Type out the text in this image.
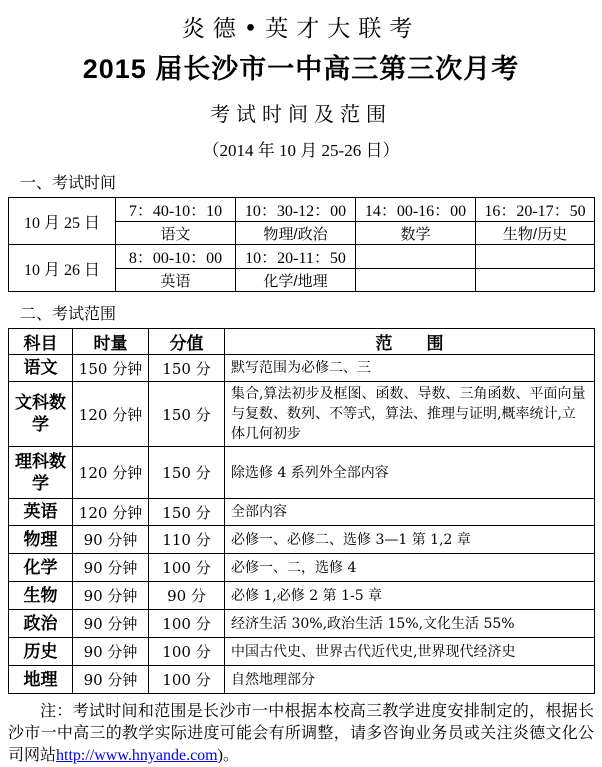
炎德•英才大联考
2015 届长沙市一中高三第三次月考
考试时间及范围
（2014 年 10 月 25-26 日）
一、考试时间
10 月 25 日	7：40-10：10	10：30-12：00	14：00-16：00	16：20-17：50
	语文	物理/政治	数学	生物/历史
10 月 26 日	8：00-10：00	10：20-11：50		
	英语	化学/地理		
二、考试范围
科目	时量	分值	范　　围
语文	150 分钟	150 分	默写范围为必修二、三
文科数学	120 分钟	150 分	集合,算法初步及框图、函数、导数、三角函数、平面向量与复数、数列、不等式，算法、推理与证明,概率统计,立体几何初步
理科数学	120 分钟	150 分	除选修 4 系列外全部内容
英语	120 分钟	150 分	全部内容
物理	90 分钟	110 分	必修一、必修二、选修 3—1 第 1,2 章
化学	90 分钟	100 分	必修一、二，选修 4
生物	90 分钟	90 分	必修 1,必修 2 第 1-5 章
政治	90 分钟	100 分	经济生活 30%,政治生活 15%,文化生活 55%
历史	90 分钟	100 分	中国古代史、世界古代近代史,世界现代经济史
地理	90 分钟	100 分	自然地理部分

注：考试时间和范围是长沙市一中根据本校高三教学进度安排制定的，根据长沙市一中高三的教学实际进度可能会有所调整，请多咨询业务员或关注炎德文化公司网站http://www.hnyande.com)。
